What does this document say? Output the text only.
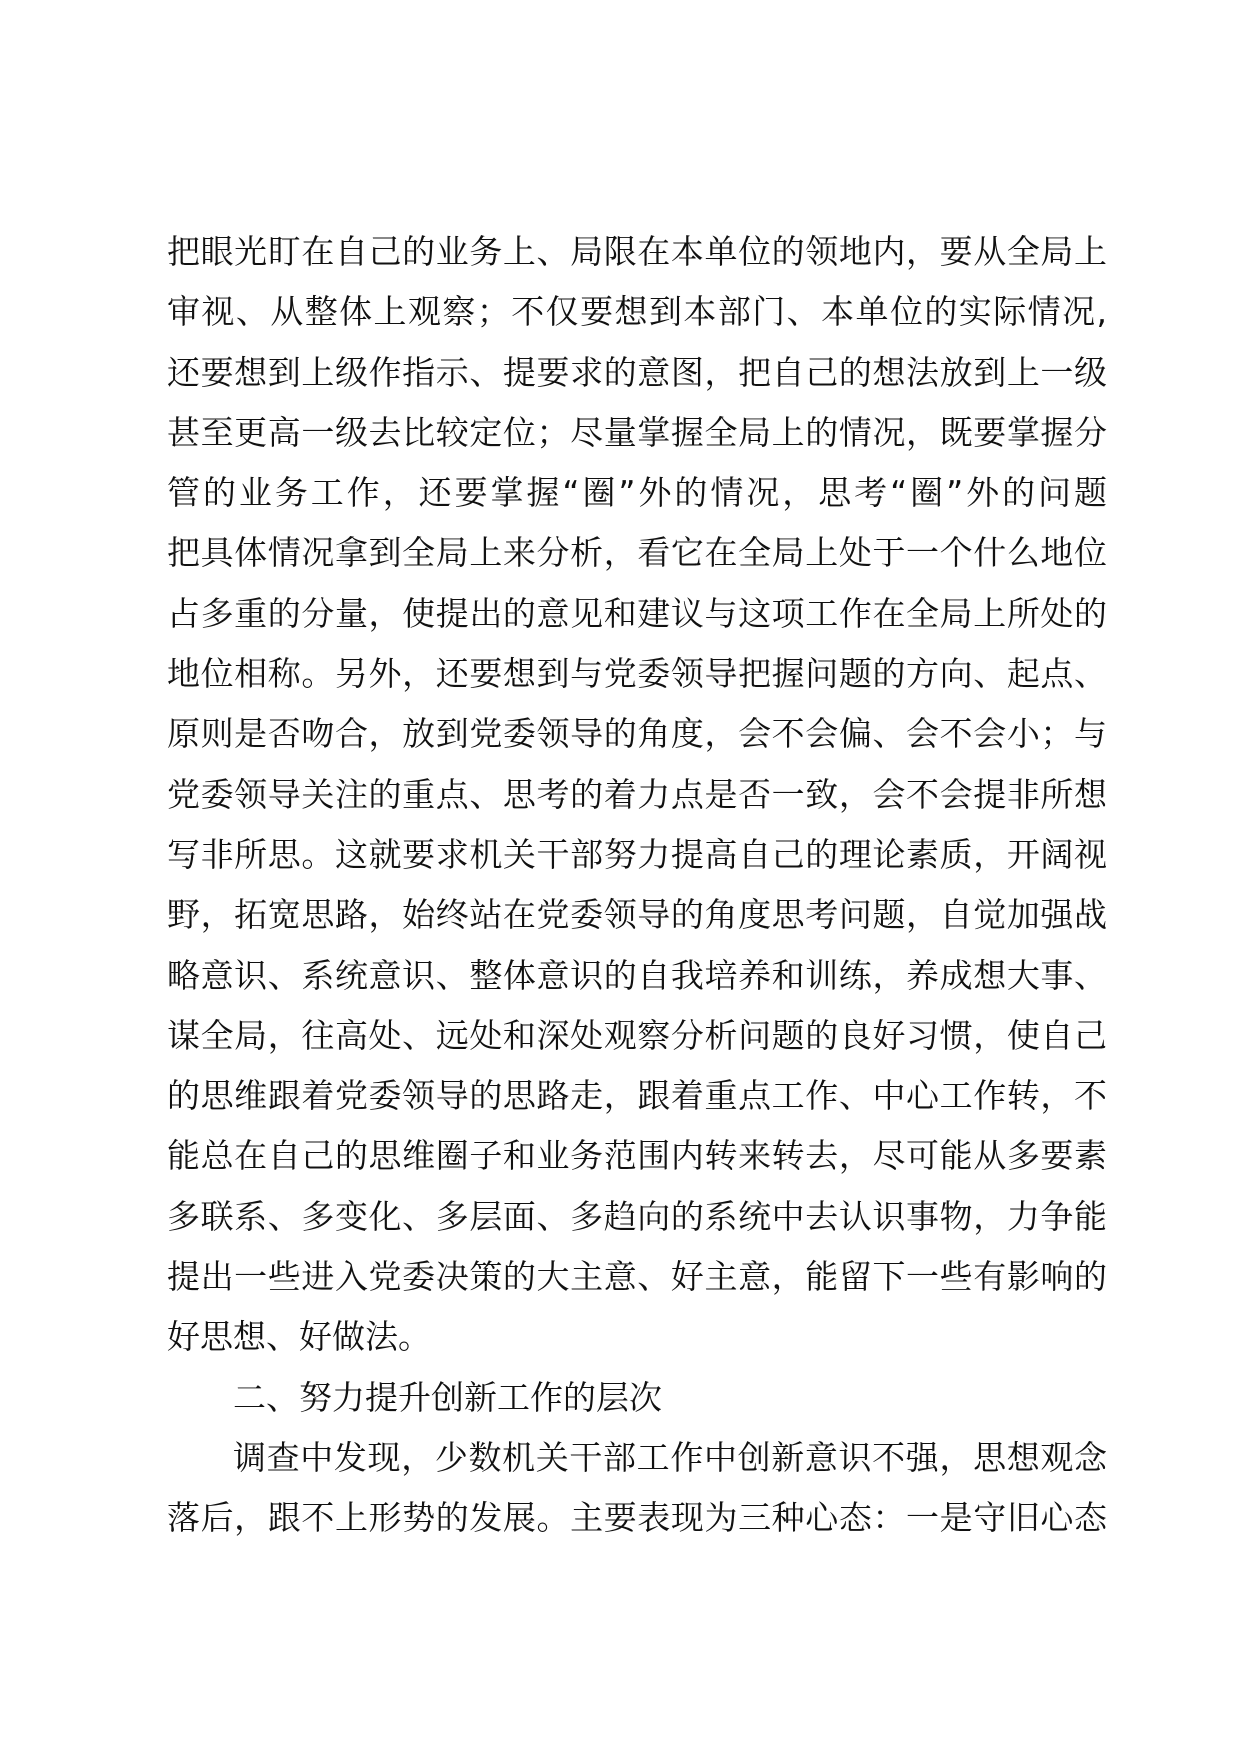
把眼光盯在自己的业务上、局限在本单位的领地内，要从全局上
审视、从整体上观察；不仅要想到本部门、本单位的实际情况,
还要想到上级作指示、提要求的意图，把自己的想法放到上一级
甚至更高一级去比较定位；尽量掌握全局上的情况，既要掌握分
管的业务工作，还要掌握“圈”外的情况，思考“圈”外的问题
把具体情况拿到全局上来分析，看它在全局上处于一个什么地位
占多重的分量，使提出的意见和建议与这项工作在全局上所处的
地位相称。另外，还要想到与党委领导把握问题的方向、起点、
原则是否吻合，放到党委领导的角度，会不会偏、会不会小；与
党委领导关注的重点、思考的着力点是否一致，会不会提非所想
写非所思。这就要求机关干部努力提高自己的理论素质，开阔视
野，拓宽思路，始终站在党委领导的角度思考问题，自觉加强战
略意识、系统意识、整体意识的自我培养和训练，养成想大事、
谋全局，往高处、远处和深处观察分析问题的良好习惯，使自己
的思维跟着党委领导的思路走，跟着重点工作、中心工作转，不
能总在自己的思维圈子和业务范围内转来转去，尽可能从多要素
多联系、多变化、多层面、多趋向的系统中去认识事物，力争能
提出一些进入党委决策的大主意、好主意，能留下一些有影响的
好思想、好做法。
二、努力提升创新工作的层次
调查中发现，少数机关干部工作中创新意识不强，思想观念
落后，跟不上形势的发展。主要表现为三种心态：一是守旧心态
